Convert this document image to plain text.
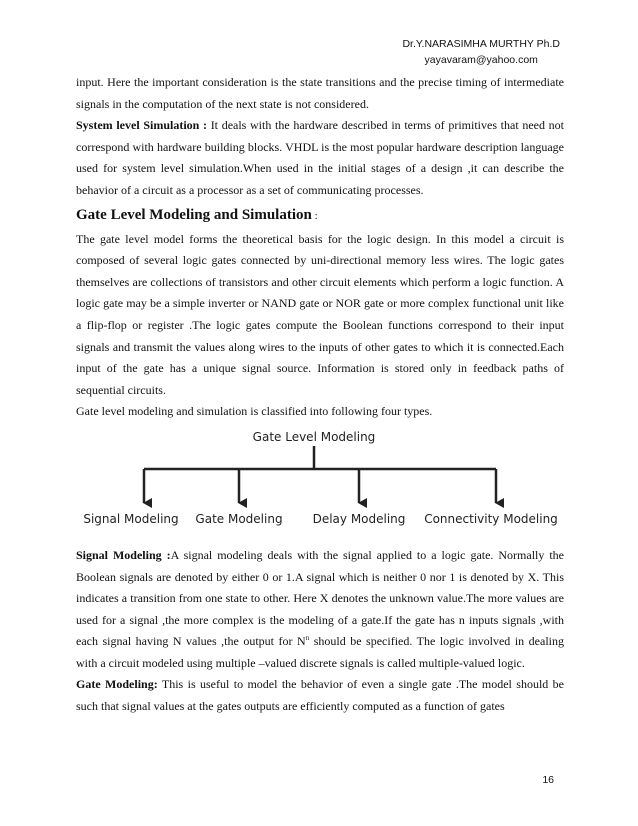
Dr.Y.NARASIMHA MURTHY Ph.D
yayavaram@yahoo.com

input. Here the important consideration is the state transitions and the precise timing of intermediate signals in the computation of the next state is not considered.

System level Simulation : It deals with the hardware described in terms of primitives that need not correspond with hardware building blocks. VHDL is the most popular hardware description language used for system level simulation.When used in the initial stages of a design ,it can describe the behavior of a circuit as a processor as a set of communicating processes.

Gate Level Modeling and Simulation :

The gate level model forms the theoretical basis for the logic design. In this model a circuit is composed of several logic gates connected by uni-directional memory less wires. The logic gates themselves are collections of transistors and other circuit elements which perform a logic function. A logic gate may be a simple inverter or NAND gate or NOR gate or more complex functional unit like a flip-flop or register .The logic gates compute the Boolean functions correspond to their input signals and transmit the values along wires to the inputs of other gates to which it is connected.Each input of the gate has a unique signal source. Information is stored only in feedback paths of sequential circuits.

Gate level modeling and simulation is classified into following four types.

Gate Level Modeling
Signal Modeling Gate Modeling	Delay Modeling Connectivity Modeling

Signal Modeling :A signal modeling deals with the signal applied to a logic gate. Normally the Boolean signals are denoted by either 0 or 1.A signal which is neither 0 nor 1 is denoted by X. This indicates a transition from one state to other. Here X denotes the unknown value.The more values are used for a signal ,the more complex is the modeling of a gate.If the gate has n inputs signals ,with each signal having N values ,the output for $N^n$ should be specified. The logic involved in dealing with a circuit modeled using multiple –valued discrete signals is called multiple-valued logic.

Gate Modeling: This is useful to model the behavior of even a single gate .The model should be such that signal values at the gates outputs are efficiently computed as a function of gates

16
